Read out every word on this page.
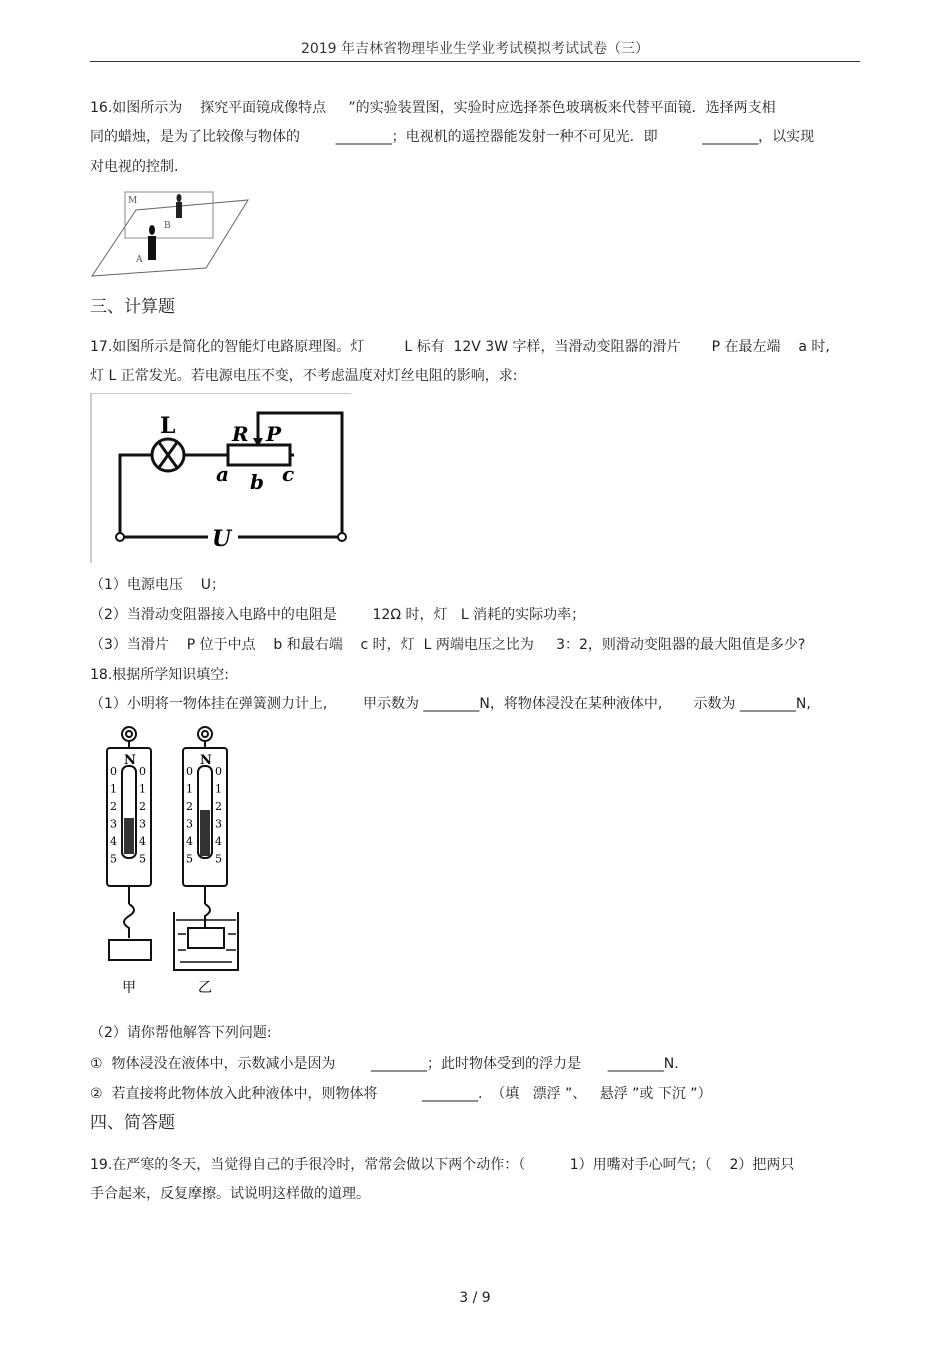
2019 年吉林省物理毕业生学业考试模拟考试试卷（三）
16.如图所示为    探究平面镜成像特点     ”的实验装置图，实验时应选择茶色玻璃板来代替平面镜．选择两支相
同的蜡烛，是为了比较像与物体的        ________；电视机的遥控器能发射一种不可见光．即          ________，以实现
对电视的控制.
M
B
A
三、计算题
17.如图所示是简化的智能灯电路原理图。灯         L 标有  12V 3W 字样，当滑动变阻器的滑片       P 在最左端    a 时,
灯 L 正常发光。若电源电压不变，不考虑温度对灯丝电阻的影响，求:
L	R P
a b c
U
（1）电源电压    U；
（2）当滑动变阻器接入电路中的电阻是        12Ω 时，灯   L 消耗的实际功率；
（3）当滑片    P 位于中点    b 和最右端    c 时，灯  L 两端电压之比为     3：2，则滑动变阻器的最大阻值是多少?
18.根据所学知识填空:
（1）小明将一物体挂在弹簧测力计上,        甲示数为 ________N，将物体浸没在某种液体中,       示数为 ________N,
N	N
0 0
1 1
2 2
3 3
4 4
5 5
0 0
1 1
2 2
3 3
4 4
5 5
甲	乙
（2）请你帮他解答下列问题:
①  物体浸没在液体中，示数减小是因为        ________；此时物体受到的浮力是      ________N.
②  若直接将此物体放入此种液体中，则物体将          ________.  （填   漂浮 ”、   悬浮 ”或 下沉 ”）
四、简答题
19.在严寒的冬天，当觉得自己的手很冷时，常常会做以下两个动作：（          1）用嘴对手心呵气；（    2）把两只
手合起来，反复摩擦。试说明这样做的道理。
3 / 9
